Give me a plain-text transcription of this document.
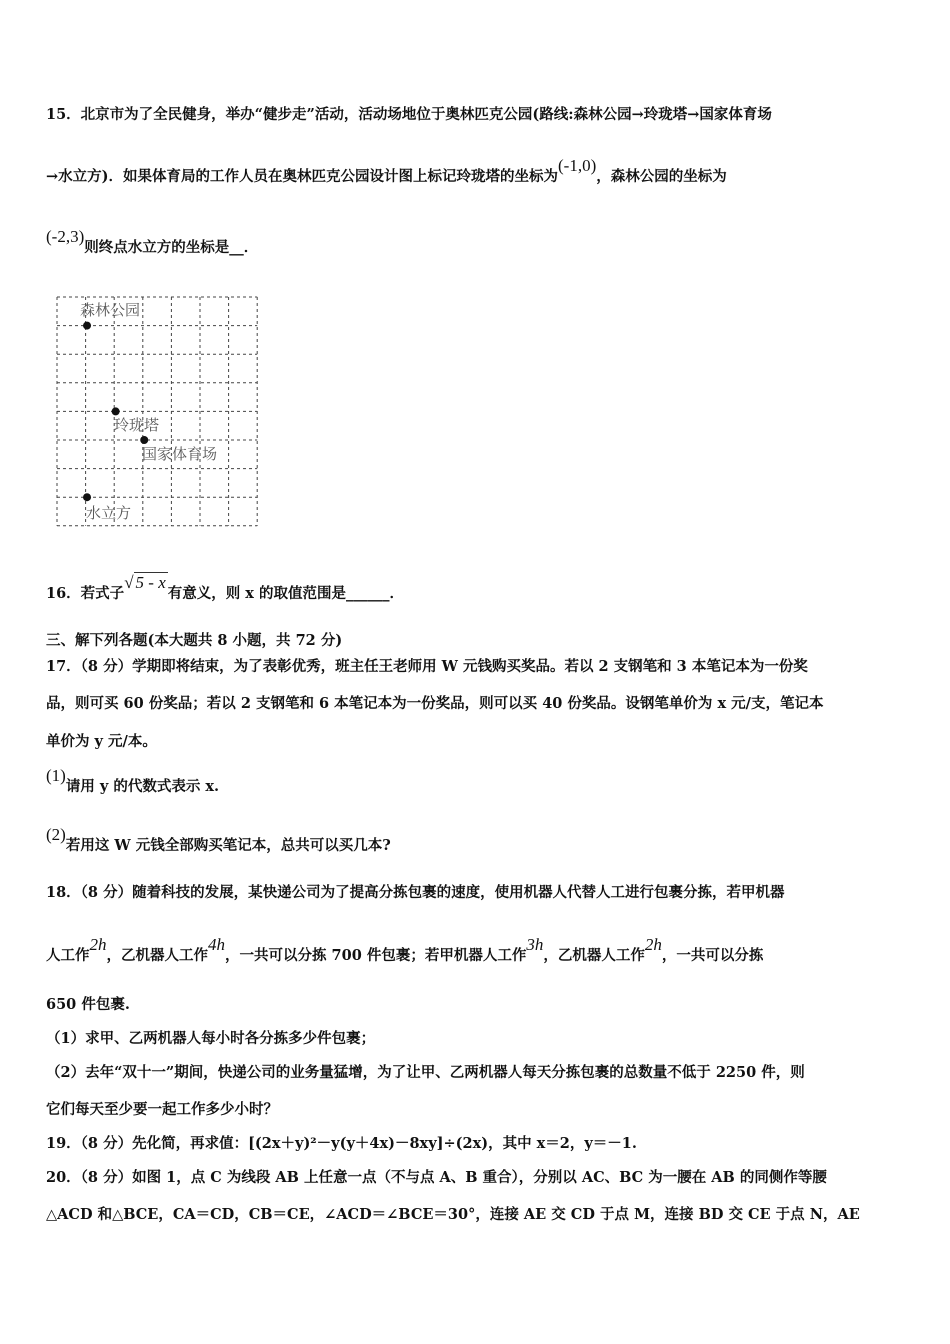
15．北京市为了全民健身，举办“健步走”活动，活动场地位于奥林匹克公园(路线:森林公园→玲珑塔→国家体育场
→水立方)．如果体育局的工作人员在奥林匹克公园设计图上标记玲珑塔的坐标为(-1,0)，森林公园的坐标为
(-2,3)则终点水立方的坐标是__．
森林公园
玲珑塔
国家体育场
水立方
16．若式子√ 5 - x有意义，则 x 的取值范围是______．
三、解下列各题(本大题共 8 小题，共 72 分)
17．（8 分）学期即将结束，为了表彰优秀，班主任王老师用 W 元钱购买奖品。若以 2 支钢笔和 3 本笔记本为一份奖
品，则可买 60 份奖品；若以 2 支钢笔和 6 本笔记本为一份奖品，则可以买 40 份奖品。设钢笔单价为 x 元/支，笔记本
单价为 y 元/本。
(1)请用 y 的代数式表示 x.
(2)若用这 W 元钱全部购买笔记本，总共可以买几本?
18．（8 分）随着科技的发展，某快递公司为了提高分拣包裹的速度，使用机器人代替人工进行包裹分拣，若甲机器
人工作2h，乙机器人工作4h，一共可以分拣 700 件包裹；若甲机器人工作3h，乙机器人工作2h，一共可以分拣
650 件包裹.
（1）求甲、乙两机器人每小时各分拣多少件包裹；
（2）去年“双十一”期间，快递公司的业务量猛增，为了让甲、乙两机器人每天分拣包裹的总数量不低于 2250 件，则
它们每天至少要一起工作多少小时？
19．（8 分）先化简，再求值：[(2x＋y)²－y(y＋4x)－8xy]÷(2x)，其中 x＝2，y＝－1.
20．（8 分）如图 1，点 C 为线段 AB 上任意一点（不与点 A、B 重合），分别以 AC、BC 为一腰在 AB 的同侧作等腰
△ACD 和△BCE，CA＝CD，CB＝CE，∠ACD＝∠BCE＝30°，连接 AE 交 CD 于点 M，连接 BD 交 CE 于点 N，AE
